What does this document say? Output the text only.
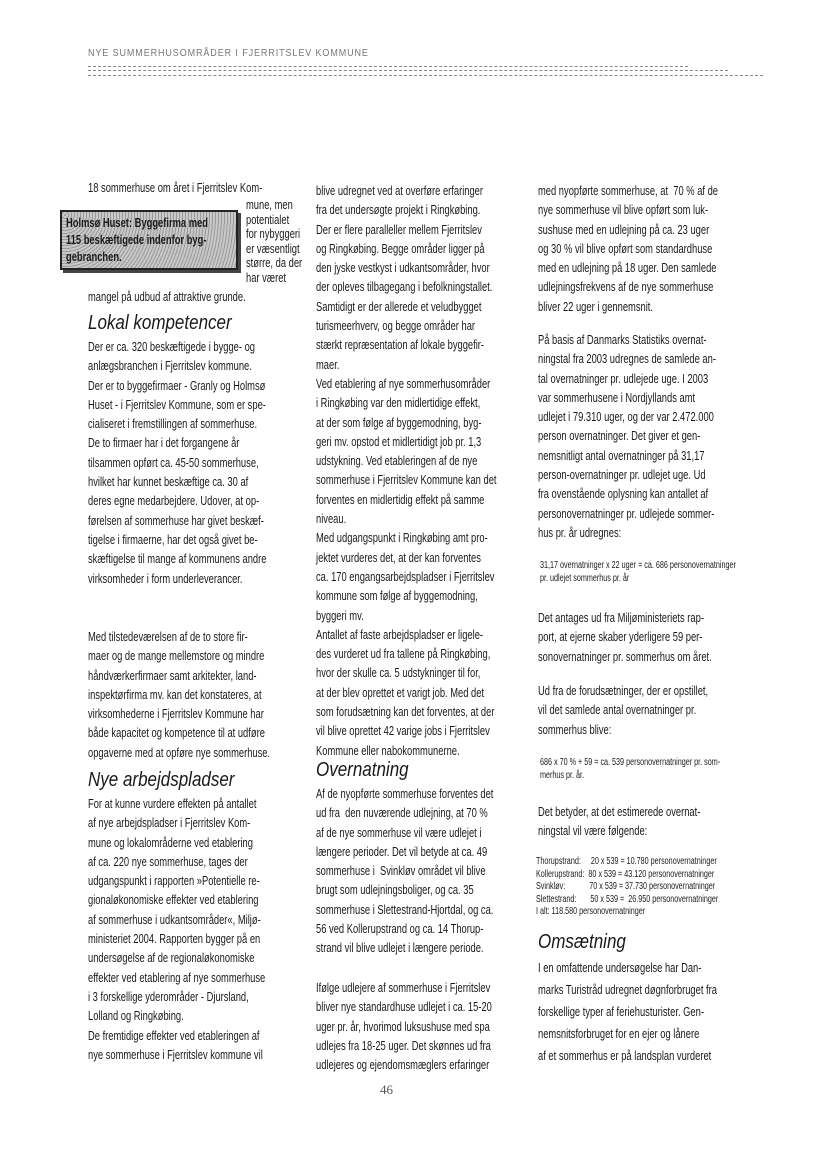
NYE SUMMERHUSOMRÅDER I FJERRITSLEV KOMMUNE
Holmsø Huset: Byggefirma med
115 beskæftigede indenfor byg-
gebranchen.
18 sommerhuse om året i Fjerritslev Kom-
mune, men
potentialet
for nybyggeri
er væsentligt
større, da der
har været
mangel på udbud af attraktive grunde.
Lokal kompetencer
Der er ca. 320 beskæftigede i bygge- og
anlægsbranchen i Fjerritslev kommune.
Der er to byggefirmaer - Granly og Holmsø
Huset - i Fjerritslev Kommune, som er spe-
cialiseret i fremstillingen af sommerhuse.
De to firmaer har i det forgangene år
tilsammen opført ca. 45-50 sommerhuse,
hvilket har kunnet beskæftige ca. 30 af
deres egne medarbejdere. Udover, at op-
førelsen af sommerhuse har givet beskæf-
tigelse i firmaerne, har det også givet be-
skæftigelse til mange af kommunens andre
virksomheder i form underleverancer.
Med tilstedeværelsen af de to store fir-
maer og de mange mellemstore og mindre
håndværkerfirmaer samt arkitekter, land-
inspektørfirma mv. kan det konstateres, at
virksomhederne i Fjerritslev Kommune har
både kapacitet og kompetence til at udføre
opgaverne med at opføre nye sommerhuse.
Nye arbejdspladser
For at kunne vurdere effekten på antallet
af nye arbejdspladser i Fjerritslev Kom-
mune og lokalområderne ved etablering
af ca. 220 nye sommerhuse, tages der
udgangspunkt i rapporten »Potentielle re-
gionaløkonomiske effekter ved etablering
af sommerhuse i udkantsområder«, Miljø-
ministeriet 2004. Rapporten bygger på en
undersøgelse af de regionaløkonomiske
effekter ved etablering af nye sommerhuse
i 3 forskellige yderområder - Djursland,
Lolland og Ringkøbing.
De fremtidige effekter ved etableringen af
nye sommerhuse i Fjerritslev kommune vil
blive udregnet ved at overføre erfaringer
fra det undersøgte projekt i Ringkøbing.
Der er flere paralleller mellem Fjerritslev
og Ringkøbing. Begge områder ligger på
den jyske vestkyst i udkantsområder, hvor
der opleves tilbagegang i befolkningstallet.
Samtidigt er der allerede et veludbygget
turismeerhverv, og begge områder har
stærkt repræsentation af lokale byggefir-
maer.
Ved etablering af nye sommerhusområder
i Ringkøbing var den midlertidige effekt,
at der som følge af byggemodning, byg-
geri mv. opstod et midlertidigt job pr. 1,3
udstykning. Ved etableringen af de nye
sommerhuse i Fjerritslev Kommune kan det
forventes en midlertidig effekt på samme
niveau.
Med udgangspunkt i Ringkøbing amt pro-
jektet vurderes det, at der kan forventes
ca. 170 engangsarbejdspladser i Fjerritslev
kommune som følge af byggemodning,
byggeri mv.
Antallet af faste arbejdspladser er ligele-
des vurderet ud fra tallene på Ringkøbing,
hvor der skulle ca. 5 udstykninger til for,
at der blev oprettet et varigt job. Med det
som forudsætning kan det forventes, at der
vil blive oprettet 42 varige jobs i Fjerritslev
Kommune eller nabokommunerne.
Overnatning
Af de nyopførte sommerhuse forventes det
ud fra  den nuværende udlejning, at 70 %
af de nye sommerhuse vil være udlejet i
længere perioder. Det vil betyde at ca. 49
sommerhuse i  Svinkløv området vil blive
brugt som udlejningsboliger, og ca. 35
sommerhuse i Slettestrand-Hjortdal, og ca.
56 ved Kollerupstrand og ca. 14 Thorup-
strand vil blive udlejet i længere periode.
Ifølge udlejere af sommerhuse i Fjerritslev
bliver nye standardhuse udlejet i ca. 15-20
uger pr. år, hvorimod luksushuse med spa
udlejes fra 18-25 uger. Det skønnes ud fra
udlejeres og ejendomsmæglers erfaringer
med nyopførte sommerhuse, at  70 % af de
nye sommerhuse vil blive opført som luk-
sushuse med en udlejning på ca. 23 uger
og 30 % vil blive opført som standardhuse
med en udlejning på 18 uger. Den samlede
udlejningsfrekvens af de nye sommerhuse
bliver 22 uger i gennemsnit.
På basis af Danmarks Statistiks overnat-
ningstal fra 2003 udregnes de samlede an-
tal overnatninger pr. udlejede uge. I 2003
var sommerhusene i Nordjyllands amt
udlejet i 79.310 uger, og der var 2.472.000
person overnatninger. Det giver et gen-
nemsnitligt antal overnatninger på 31,17
person-overnatninger pr. udlejet uge. Ud
fra ovenstående oplysning kan antallet af
personovernatninger pr. udlejede sommer-
hus pr. år udregnes:
31,17 overnatninger x 22 uger = ca. 686 personovernatninger
pr. udlejet sommerhus pr. år
Det antages ud fra Miljøministeriets rap-
port, at ejerne skaber yderligere 59 per-
sonovernatninger pr. sommerhus om året.
Ud fra de forudsætninger, der er opstillet,
vil det samlede antal overnatninger pr.
sommerhus blive:
686 x 70 % + 59 = ca. 539 personovernatninger pr. som-
merhus pr. år.
Det betyder, at det estimerede overnat-
ningstal vil være følgende:
Thorupstrand:     20 x 539 = 10.780 personovernatninger
Kollerupstrand:  80 x 539 = 43.120 personovernatninger
Svinkløv:            70 x 539 = 37.730 personovernatninger
Slettestrand:       50 x 539 =  26.950 personovernatninger
I alt: 118.580 personovernatninger
Omsætning
I en omfattende undersøgelse har Dan-
marks Turistråd udregnet døgnforbruget fra
forskellige typer af feriehusturister. Gen-
nemsnitsforbruget for en ejer og lånere
af et sommerhus er på landsplan vurderet
46
